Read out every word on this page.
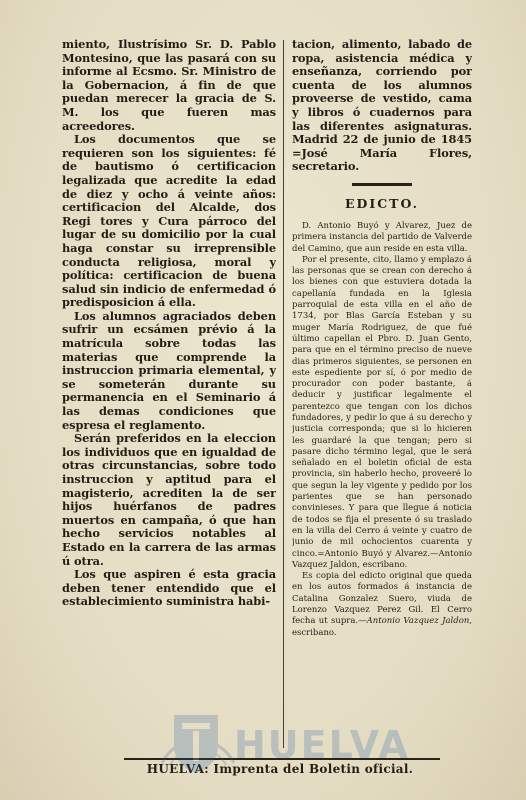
miento, Ilustrísimo Sr. D. Pablo Montesino, que las pasará con su informe al Ecsmo. Sr. Ministro de la Gobernacion, á fin de que puedan merecer la gracia de S. M. los que fueren mas acreedores.

Los documentos que se requieren son los siguientes: fé de bautismo ó certificacion legalizada que acredite la edad de diez y ocho á veinte años: certificacion del Alcalde, dos Regi tores y Cura párroco del lugar de su domicilio por la cual haga constar su irreprensible conducta religiosa, moral y política: certificacion de buena salud sin indicio de enfermedad ó predisposicion á ella.

Los alumnos agraciados deben sufrir un ecsámen prévio á la matrícula sobre todas las materias que comprende la instruccion primaria elemental, y se someterán durante su permanencia en el Seminario á las demas condiciones que espresa el reglamento.

Serán preferidos en la eleccion los individuos que en igualdad de otras circunstancias, sobre todo instruccion y aptitud para el magisterio, acrediten la de ser hijos huérfanos de padres muertos en campaña, ó que han hecho servicios notables al Estado en la carrera de las armas ú otra.

Los que aspiren é esta gracia deben tener entendido que el establecimiento suministra habi-

tacion, alimento, labado de ropa, asistencia médica y enseñanza, corriendo por cuenta de los alumnos proveerse de vestido, cama y libros ó cuadernos para las diferentes asignaturas. Madrid 22 de junio de 1845 =José María Flores, secretario.

EDICTO.

D. Antonio Buyó y Alvarez, Juez de primera instancia del partido de Valverde del Camino, que aun reside en esta villa.

Por el presente, cito, llamo y emplazo á las personas que se crean con derecho á los bienes con que estuviera dotada la capellanía fundada en la Iglesia parroquial de esta villa en el año de 1734, por Blas García Esteban y su muger María Rodriguez, de que fué último capellan el Pbro. D. Juan Gento, para que en el término preciso de nueve dias primeros siguientes, se personen en este espediente por sí, ó por medio de procurador con poder bastante, á deducir y justificar legalmente el parentezco que tengan con los dichos fundadores, y pedir lo que á su derecho y justicia corresponda; que si lo hicieren les guardaré la que tengan; pero si pasare dicho término legal, que le será señalado en el boletin oficial de esta provincia, sin haberlo hecho, proveeré lo que segun la ley vigente y pedido por los parientes que se han personado convinieses. Y para que llegue á noticia de todos se fija el presente ó su traslado en la villa del Cerro á veinte y cuatro de junio de mil ochocientos cuarenta y cinco.=Antonio Buyó y Alvarez.—Antonio Vazquez Jaldon, escribano.

Es copia del edicto original que queda en los autos formados á instancia de Catalina Gonzalez Suero, viuda de Lorenzo Vazquez Perez Gil. El Cerro fecha ut supra.—Antonio Vazquez Jaldon, escribano.

HUELVA: Imprenta del Boletin oficial.
HUELVA
